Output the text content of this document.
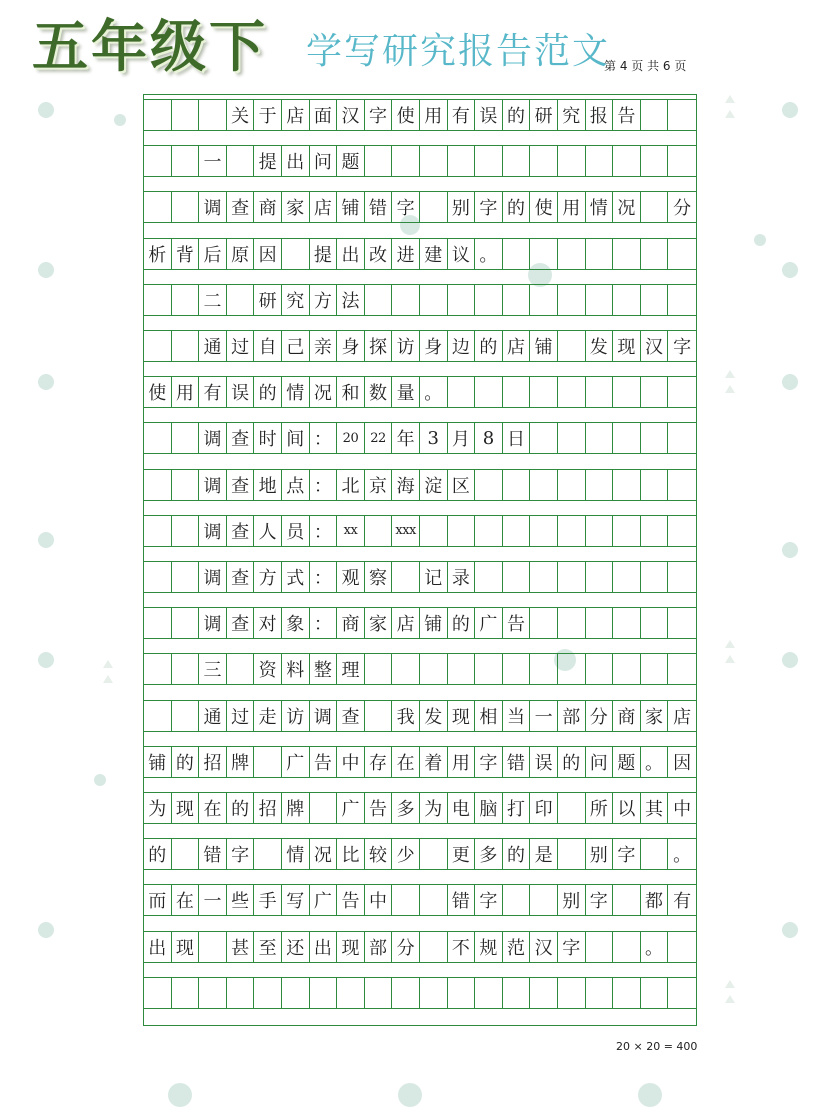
五年级下 学写研究报告范文
第 4 页 共 6 页
关 于 店 面 汉 字 使 用 有 误 的 研 究 报 告
一 提 出 问 题
调 查 商 家 店 铺 错 字 别 字 的 使 用 情 况 分
析 背 后 原 因 提 出 改 进 建 议 。
二 研 究 方 法
通 过 自 己 亲 身 探 访 身 边 的 店 铺 发 现 汉 字
使 用 有 误 的 情 况 和 数 量 。
调 查 时 间 ： 20 22 年 3 月 8 日
调 查 地 点 ： 北 京 海 淀 区
调 查 人 员 ： xx	xxx
调 查 方 式 ： 观 察 记 录
调 查 对 象 ： 商 家 店 铺 的 广 告
三 资 料 整 理
通 过 走 访 调 查 我 发 现 相 当 一 部 分 商 家 店
铺 的 招 牌 广 告 中 存 在 着 用 字 错 误 的 问 题 。 因
为 现 在 的 招 牌 广 告 多 为 电 脑 打 印 所 以 其 中
的 错 字 情 况 比 较 少 更 多 的 是 别 字 。
而 在 一 些 手 写 广 告 中	错 字	别 字 都 有
出 现 甚 至 还 出 现 部 分 不 规 范 汉 字	。
20 × 20 = 400
